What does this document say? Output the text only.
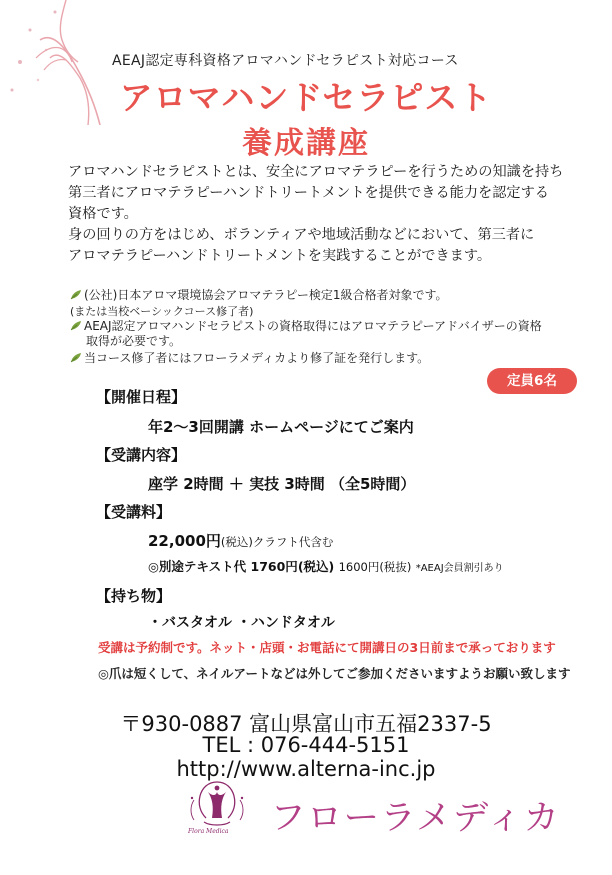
AEAJ認定専科資格アロマハンドセラピスト対応コース
アロマハンドセラピスト
養成講座
アロマハンドセラピストとは、安全にアロマテラピーを行うための知識を持ち
第三者にアロマテラピーハンドトリートメントを提供できる能力を認定する
資格です。
身の回りの方をはじめ、ボランティアや地域活動などにおいて、第三者に
アロマテラピーハンドトリートメントを実践することができます。
(公社)日本アロマ環境協会アロマテラピー検定1級合格者対象です。
(または当校ベーシックコース修了者)
AEAJ認定アロマハンドセラピストの資格取得にはアロマテラピーアドバイザーの資格
取得が必要です。
当コース修了者にはフローラメディカより修了証を発行します。
定員6名
【開催日程】
年2～3回開講 ホームページにてご案内
【受講内容】
座学 2時間 ＋ 実技 3時間 （全5時間）
【受講料】
22,000円(税込)クラフト代含む
◎別途テキスト代 1760円(税込) 1600円(税抜) *AEAJ会員割引あり
【持ち物】
・バスタオル ・ハンドタオル
受講は予約制です。ネット・店頭・お電話にて開講日の3日前まで承っております
◎爪は短くして、ネイルアートなどは外してご参加くださいますようお願い致します
〒930-0887 富山県富山市五福2337-5
TEL : 076-444-5151
http://www.alterna-inc.jp
Flora Medica フローラメディカ
